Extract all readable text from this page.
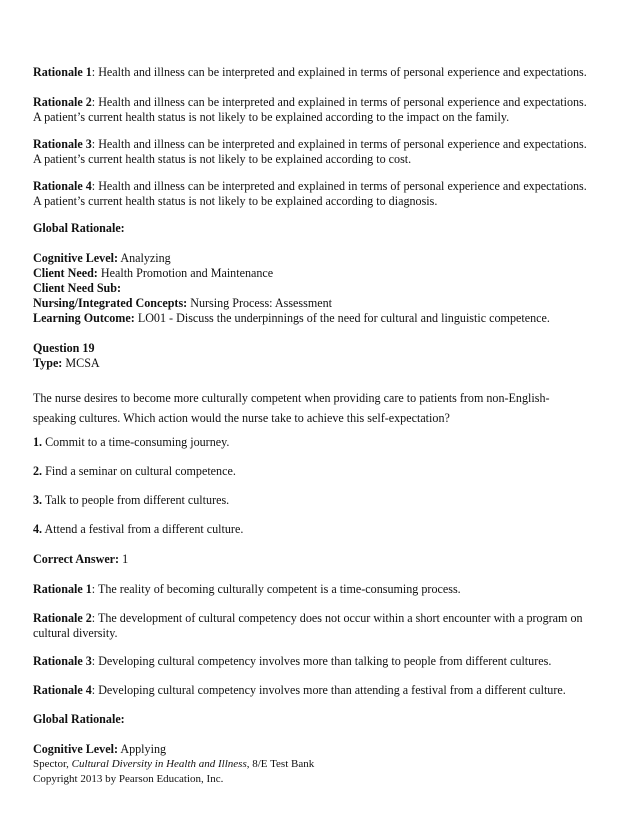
Rationale 1: Health and illness can be interpreted and explained in terms of personal experience and expectations.
Rationale 2: Health and illness can be interpreted and explained in terms of personal experience and expectations.
A patient’s current health status is not likely to be explained according to the impact on the family.
Rationale 3: Health and illness can be interpreted and explained in terms of personal experience and expectations.
A patient’s current health status is not likely to be explained according to cost.
Rationale 4: Health and illness can be interpreted and explained in terms of personal experience and expectations.
A patient’s current health status is not likely to be explained according to diagnosis.
Global Rationale:
Cognitive Level: Analyzing
Client Need: Health Promotion and Maintenance
Client Need Sub:
Nursing/Integrated Concepts: Nursing Process: Assessment
Learning Outcome: LO01 - Discuss the underpinnings of the need for cultural and linguistic competence.
Question 19
Type: MCSA
The nurse desires to become more culturally competent when providing care to patients from non-English-
speaking cultures. Which action would the nurse take to achieve this self-expectation?
1. Commit to a time-consuming journey.
2. Find a seminar on cultural competence.
3. Talk to people from different cultures.
4. Attend a festival from a different culture.
Correct Answer: 1
Rationale 1: The reality of becoming culturally competent is a time-consuming process.
Rationale 2: The development of cultural competency does not occur within a short encounter with a program on
cultural diversity.
Rationale 3: Developing cultural competency involves more than talking to people from different cultures.
Rationale 4: Developing cultural competency involves more than attending a festival from a different culture.
Global Rationale:
Cognitive Level: Applying
Spector, Cultural Diversity in Health and Illness, 8/E Test Bank
Copyright 2013 by Pearson Education, Inc.
